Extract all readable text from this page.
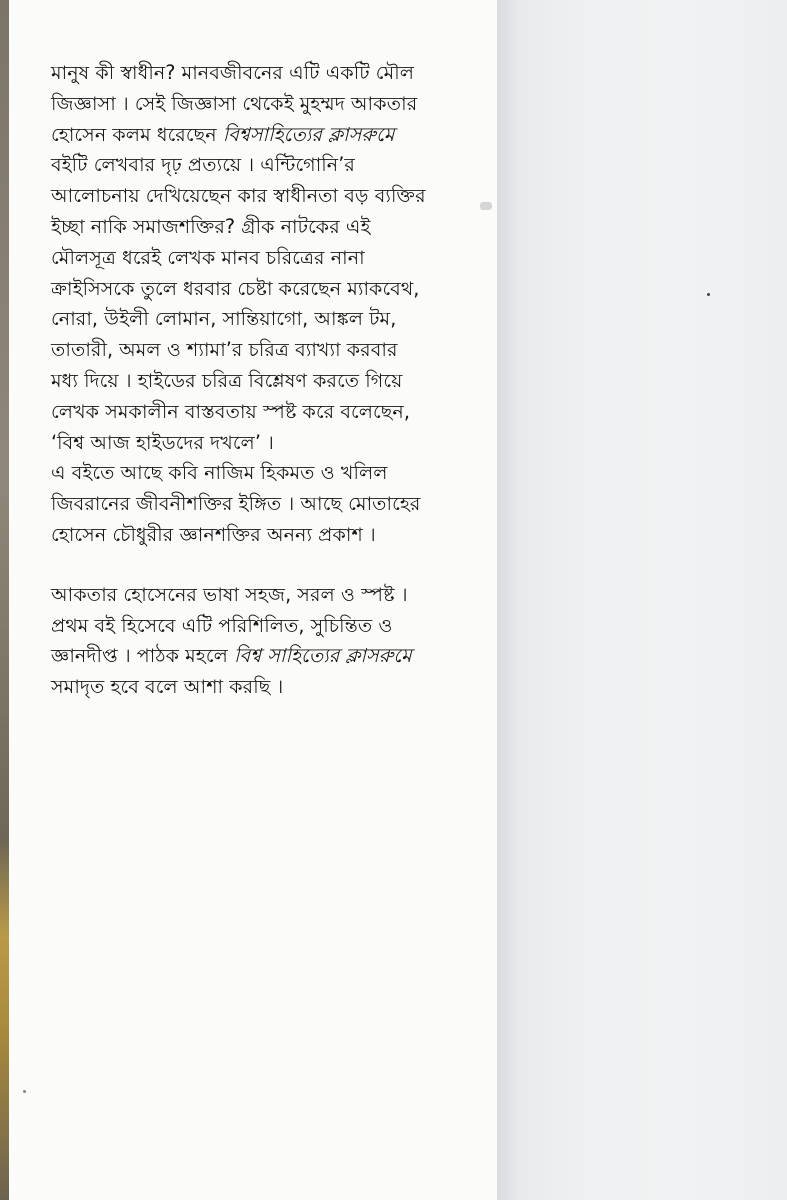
মানুষ কী স্বাধীন? মানবজীবনের এটি একটি মৌল
জিজ্ঞাসা । সেই জিজ্ঞাসা থেকেই মুহম্মদ আকতার
হোসেন কলম ধরেছেন বিশ্বসাহিত্যের ক্লাসরুমে
বইটি লেখবার দৃঢ় প্রত্যয়ে । এন্টিগোনি’র
আলোচনায় দেখিয়েছেন কার স্বাধীনতা বড় ব্যক্তির
ইচ্ছা নাকি সমাজশক্তির? গ্রীক নাটকের এই
মৌলসূত্র ধরেই লেখক মানব চরিত্রের নানা
ক্রাইসিসকে তুলে ধরবার চেষ্টা করেছেন ম্যাকবেথ,
নোরা, উইলী লোমান, সান্তিয়াগো, আঙ্কল টম,
তাতারী, অমল ও শ্যামা’র চরিত্র ব্যাখ্যা করবার
মধ্য দিয়ে । হাইডের চরিত্র বিশ্লেষণ করতে গিয়ে
লেখক সমকালীন বাস্তবতায় স্পষ্ট করে বলেছেন,
‘বিশ্ব আজ হাইডদের দখলে’ ।
এ বইতে আছে কবি নাজিম হিকমত ও খলিল
জিবরানের জীবনীশক্তির ইঙ্গিত । আছে মোতাহের
হোসেন চৌধুরীর জ্ঞানশক্তির অনন্য প্রকাশ ।
আকতার হোসেনের ভাষা সহজ, সরল ও স্পষ্ট ।
প্রথম বই হিসেবে এটি পরিশিলিত, সুচিন্তিত ও
জ্ঞানদীপ্ত । পাঠক মহলে বিশ্ব সাহিত্যের ক্লাসরুমে
সমাদৃত হবে বলে আশা করছি ।
